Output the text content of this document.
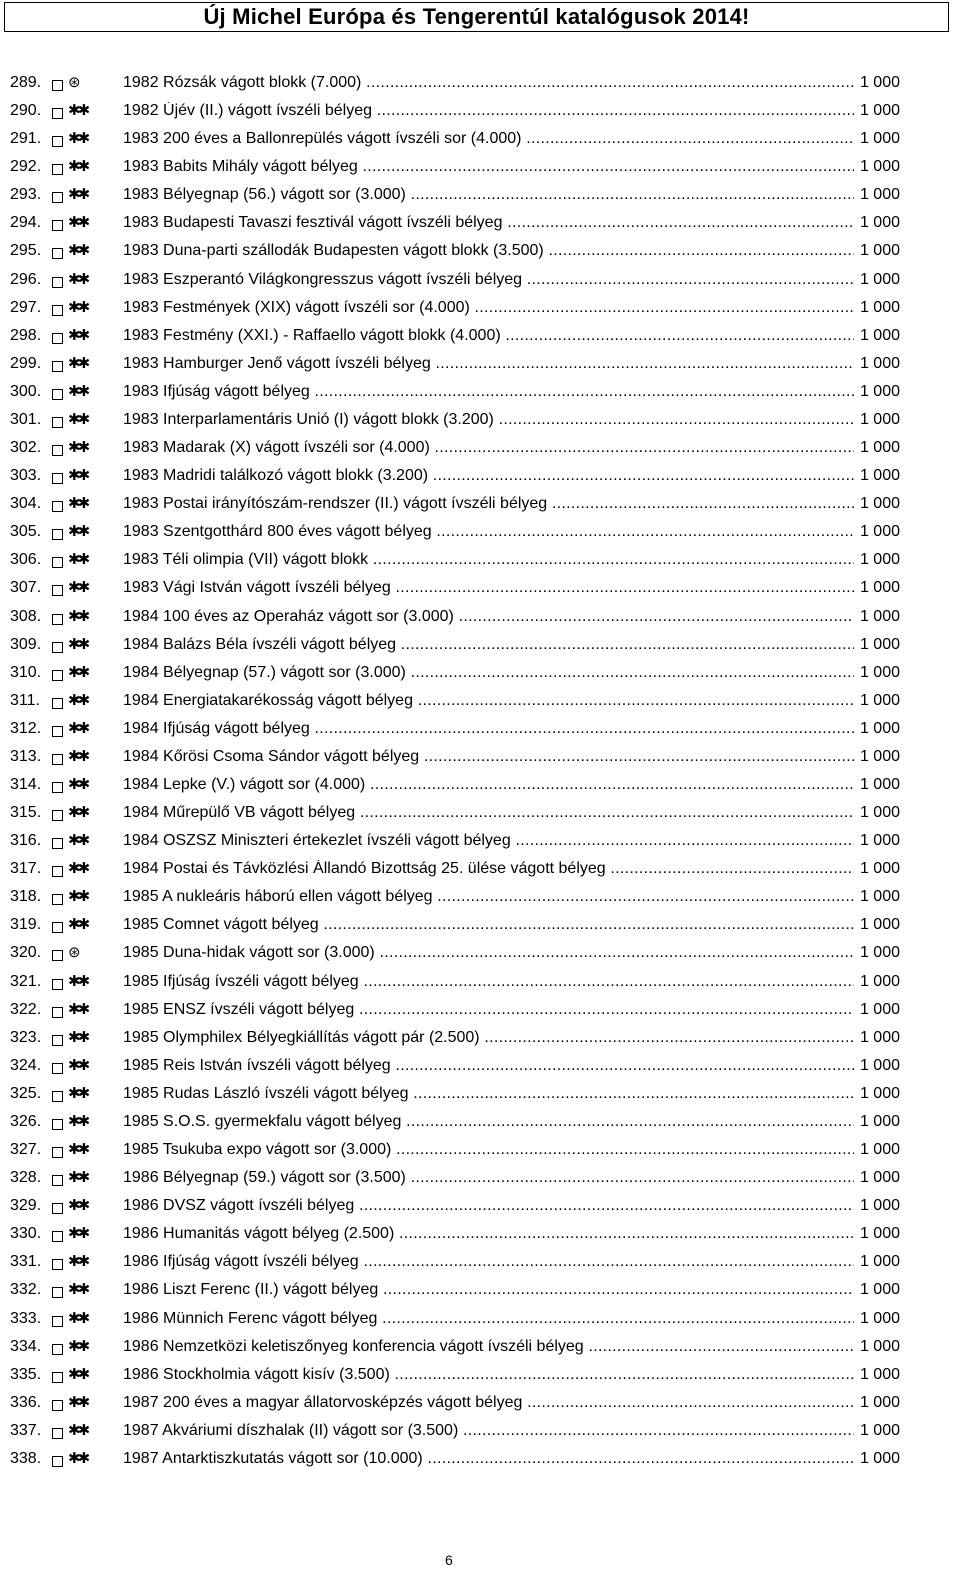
Új Michel Európa és Tengerentúl katalógusok 2014!
289. ⊛	1982 Rózsák vágott blokk (7.000) .....	1 000
290. ✱✱ 1982 Újév (II.) vágott ívszéli bélyeg .....	1 000
291. ✱✱ 1983 200 éves a Ballonrepülés vágott ívszéli sor (4.000) .....	1 000
292. ✱✱ 1983 Babits Mihály vágott bélyeg .....	1 000
293. ✱✱ 1983 Bélyegnap (56.) vágott sor (3.000) .....	1 000
294. ✱✱ 1983 Budapesti Tavaszi fesztivál vágott ívszéli bélyeg .....	1 000
295. ✱✱ 1983 Duna-parti szállodák Budapesten vágott blokk (3.500) .....	1 000
296. ✱✱ 1983 Eszperantó Világkongresszus vágott ívszéli bélyeg .....	1 000
297. ✱✱ 1983 Festmények (XIX) vágott ívszéli sor (4.000) .....	1 000
298. ✱✱ 1983 Festmény (XXI.) - Raffaello vágott blokk (4.000) .....	1 000
299. ✱✱ 1983 Hamburger Jenő vágott ívszéli bélyeg .....	1 000
300. ✱✱ 1983 Ifjúság vágott bélyeg .....	1 000
301. ✱✱ 1983 Interparlamentáris Unió (I) vágott blokk (3.200) .....	1 000
302. ✱✱ 1983 Madarak (X) vágott ívszéli sor (4.000) .....	1 000
303. ✱✱ 1983 Madridi találkozó vágott blokk (3.200) .....	1 000
304. ✱✱ 1983 Postai irányítószám-rendszer (II.) vágott ívszéli bélyeg .....	1 000
305. ✱✱ 1983 Szentgotthárd 800 éves vágott bélyeg .....	1 000
306. ✱✱ 1983 Téli olimpia (VII) vágott blokk .....	1 000
307. ✱✱ 1983 Vági István vágott ívszéli bélyeg .....	1 000
308. ✱✱ 1984 100 éves az Operaház vágott sor (3.000) .....	1 000
309. ✱✱ 1984 Balázs Béla ívszéli vágott bélyeg .....	1 000
310. ✱✱ 1984 Bélyegnap (57.) vágott sor (3.000) .....	1 000
311. ✱✱ 1984 Energiatakarékosság vágott bélyeg .....	1 000
312. ✱✱ 1984 Ifjúság vágott bélyeg .....	1 000
313. ✱✱ 1984 Kőrösi Csoma Sándor vágott bélyeg .....	1 000
314. ✱✱ 1984 Lepke (V.) vágott sor (4.000) .....	1 000
315. ✱✱ 1984 Műrepülő VB vágott bélyeg .....	1 000
316. ✱✱ 1984 OSZSZ Miniszteri értekezlet ívszéli vágott bélyeg .....	1 000
317. ✱✱ 1984 Postai és Távközlési Állandó Bizottság 25. ülése vágott bélyeg .....	1 000
318. ✱✱ 1985 A nukleáris háború ellen vágott bélyeg .....	1 000
319. ✱✱ 1985 Comnet vágott bélyeg .....	1 000
320. ⊛	1985 Duna-hidak vágott sor (3.000) .....	1 000
321. ✱✱ 1985 Ifjúság ívszéli vágott bélyeg .....	1 000
322. ✱✱ 1985 ENSZ ívszéli vágott bélyeg .....	1 000
323. ✱✱ 1985 Olymphilex Bélyegkiállítás vágott pár (2.500) .....	1 000
324. ✱✱ 1985 Reis István ívszéli vágott bélyeg .....	1 000
325. ✱✱ 1985 Rudas László ívszéli vágott bélyeg .....	1 000
326. ✱✱ 1985 S.O.S. gyermekfalu vágott bélyeg .....	1 000
327. ✱✱ 1985 Tsukuba expo vágott sor (3.000) .....	1 000
328. ✱✱ 1986 Bélyegnap (59.) vágott sor (3.500) .....	1 000
329. ✱✱ 1986 DVSZ vágott ívszéli bélyeg .....	1 000
330. ✱✱ 1986 Humanitás vágott bélyeg (2.500) .....	1 000
331. ✱✱ 1986 Ifjúság vágott ívszéli bélyeg .....	1 000
332. ✱✱ 1986 Liszt Ferenc (II.) vágott bélyeg .....	1 000
333. ✱✱ 1986 Münnich Ferenc vágott bélyeg .....	1 000
334. ✱✱ 1986 Nemzetközi keletiszőnyeg konferencia vágott ívszéli bélyeg .....	1 000
335. ✱✱ 1986 Stockholmia vágott kisív (3.500) .....	1 000
336. ✱✱ 1987 200 éves a magyar állatorvosképzés vágott bélyeg .....	1 000
337. ✱✱ 1987 Akváriumi díszhalak (II) vágott sor (3.500) .....	1 000
338. ✱✱ 1987 Antarktiszkutatás vágott sor (10.000) .....	1 000
6
